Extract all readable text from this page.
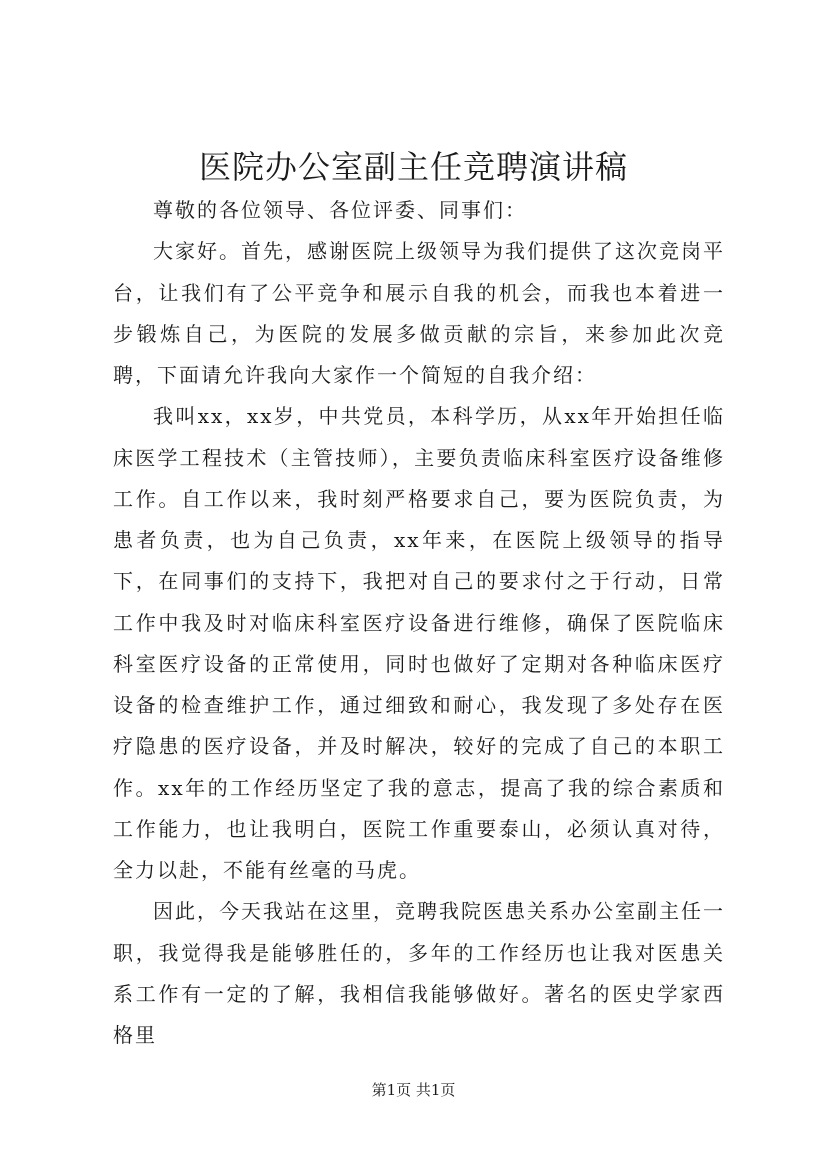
医院办公室副主任竞聘演讲稿

尊敬的各位领导、各位评委、同事们：

大家好。首先，感谢医院上级领导为我们提供了这次竞岗平台，让我们有了公平竞争和展示自我的机会，而我也本着进一步锻炼自己，为医院的发展多做贡献的宗旨，来参加此次竞聘，下面请允许我向大家作一个简短的自我介绍：

我叫xx，xx岁，中共党员，本科学历，从xx年开始担任临床医学工程技术（主管技师），主要负责临床科室医疗设备维修工作。自工作以来，我时刻严格要求自己，要为医院负责，为患者负责，也为自己负责，xx年来，在医院上级领导的指导下，在同事们的支持下，我把对自己的要求付之于行动，日常工作中我及时对临床科室医疗设备进行维修，确保了医院临床科室医疗设备的正常使用，同时也做好了定期对各种临床医疗设备的检查维护工作，通过细致和耐心，我发现了多处存在医疗隐患的医疗设备，并及时解决，较好的完成了自己的本职工作。xx年的工作经历坚定了我的意志，提高了我的综合素质和工作能力，也让我明白，医院工作重要泰山，必须认真对待，全力以赴，不能有丝毫的马虎。

因此，今天我站在这里，竞聘我院医患关系办公室副主任一职，我觉得我是能够胜任的，多年的工作经历也让我对医患关系工作有一定的了解，我相信我能够做好。著名的医史学家西格里

第1页 共1页
